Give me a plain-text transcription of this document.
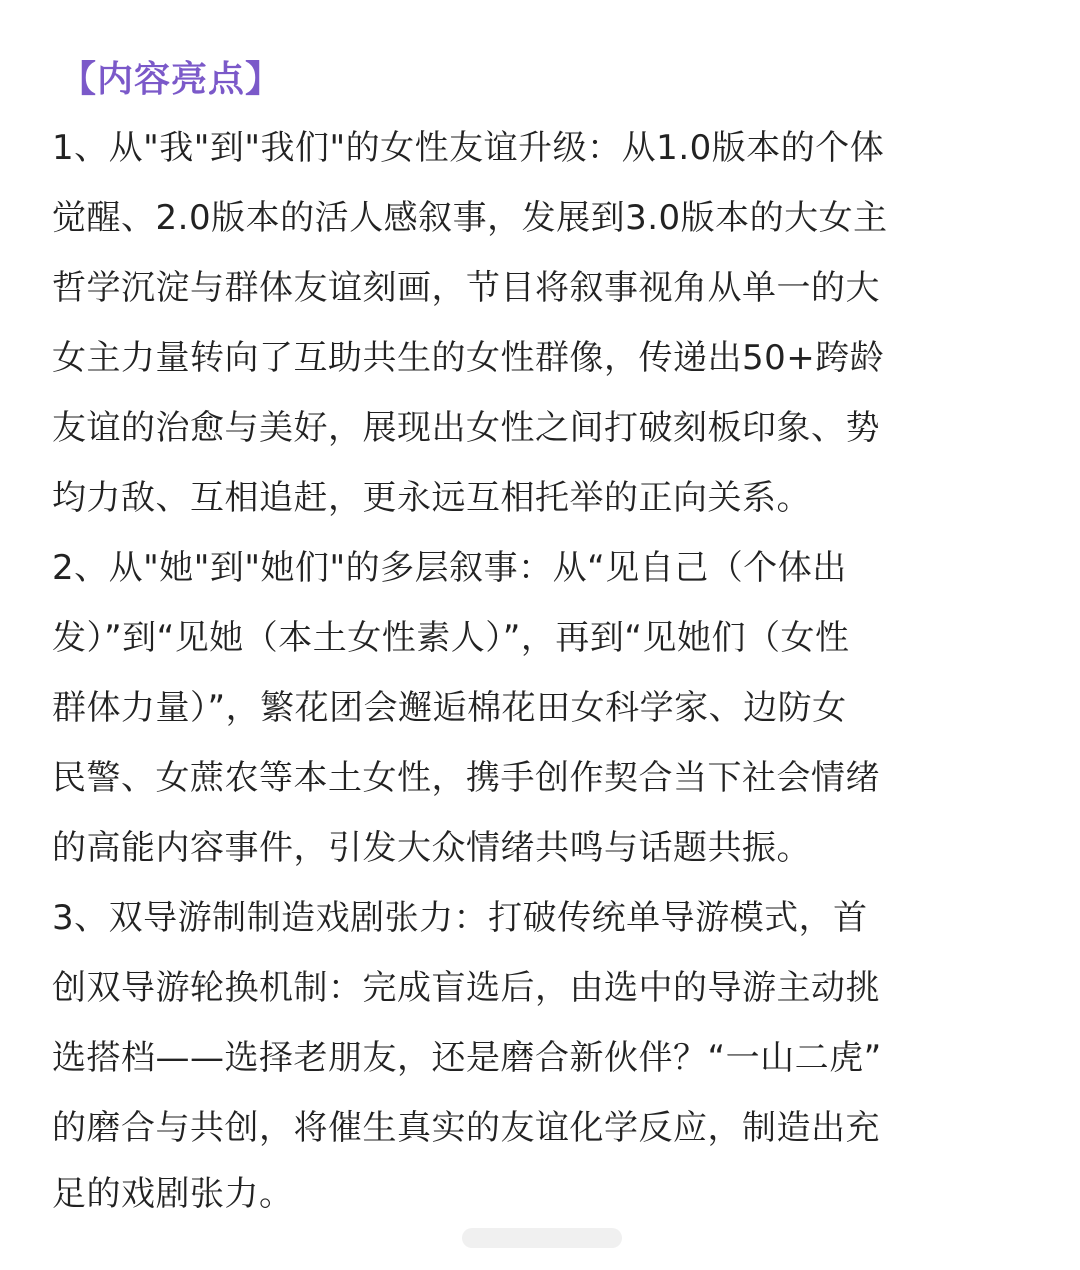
【内容亮点】
1、从"我"到"我们"的女性友谊升级：从1.0版本的个体
觉醒、2.0版本的活人感叙事，发展到3.0版本的大女主
哲学沉淀与群体友谊刻画，节目将叙事视角从单一的大
女主力量转向了互助共生的女性群像，传递出50+跨龄
友谊的治愈与美好，展现出女性之间打破刻板印象、势
均力敌、互相追赶，更永远互相托举的正向关系。
2、从"她"到"她们"的多层叙事：从“见自己（个体出
发）”到“见她（本土女性素人）”，再到“见她们（女性
群体力量）”，繁花团会邂逅棉花田女科学家、边防女
民警、女蔗农等本土女性，携手创作契合当下社会情绪
的高能内容事件，引发大众情绪共鸣与话题共振。
3、双导游制制造戏剧张力：打破传统单导游模式，首
创双导游轮换机制：完成盲选后，由选中的导游主动挑
选搭档——选择老朋友，还是磨合新伙伴？“一山二虎”
的磨合与共创，将催生真实的友谊化学反应，制造出充
足的戏剧张力。
